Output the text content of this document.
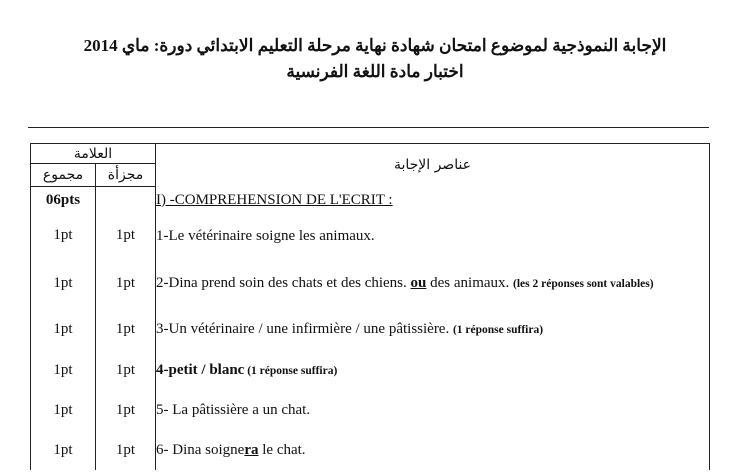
الإجابة النموذجية لموضوع امتحان شهادة نهاية مرحلة التعليم الابتدائي دورة: ماي 2014
اختبار مادة اللغة الفرنسية
العلامة		عناصر الإجابة
مجموع	مجزأة	
06pts		I) -COMPREHENSION DE L'ECRIT :
1pt	1pt	1-Le vétérinaire soigne les animaux.
1pt	1pt	2-Dina prend soin des chats et des chiens. ou des animaux. (les 2 réponses sont valables)
1pt	1pt	3-Un vétérinaire / une infirmière / une pâtissière. (1 réponse suffira)
1pt	1pt	4-petit / blanc (1 réponse suffira)
1pt	1pt	5- La pâtissière a un chat.
1pt	1pt	6- Dina soignera le chat.
